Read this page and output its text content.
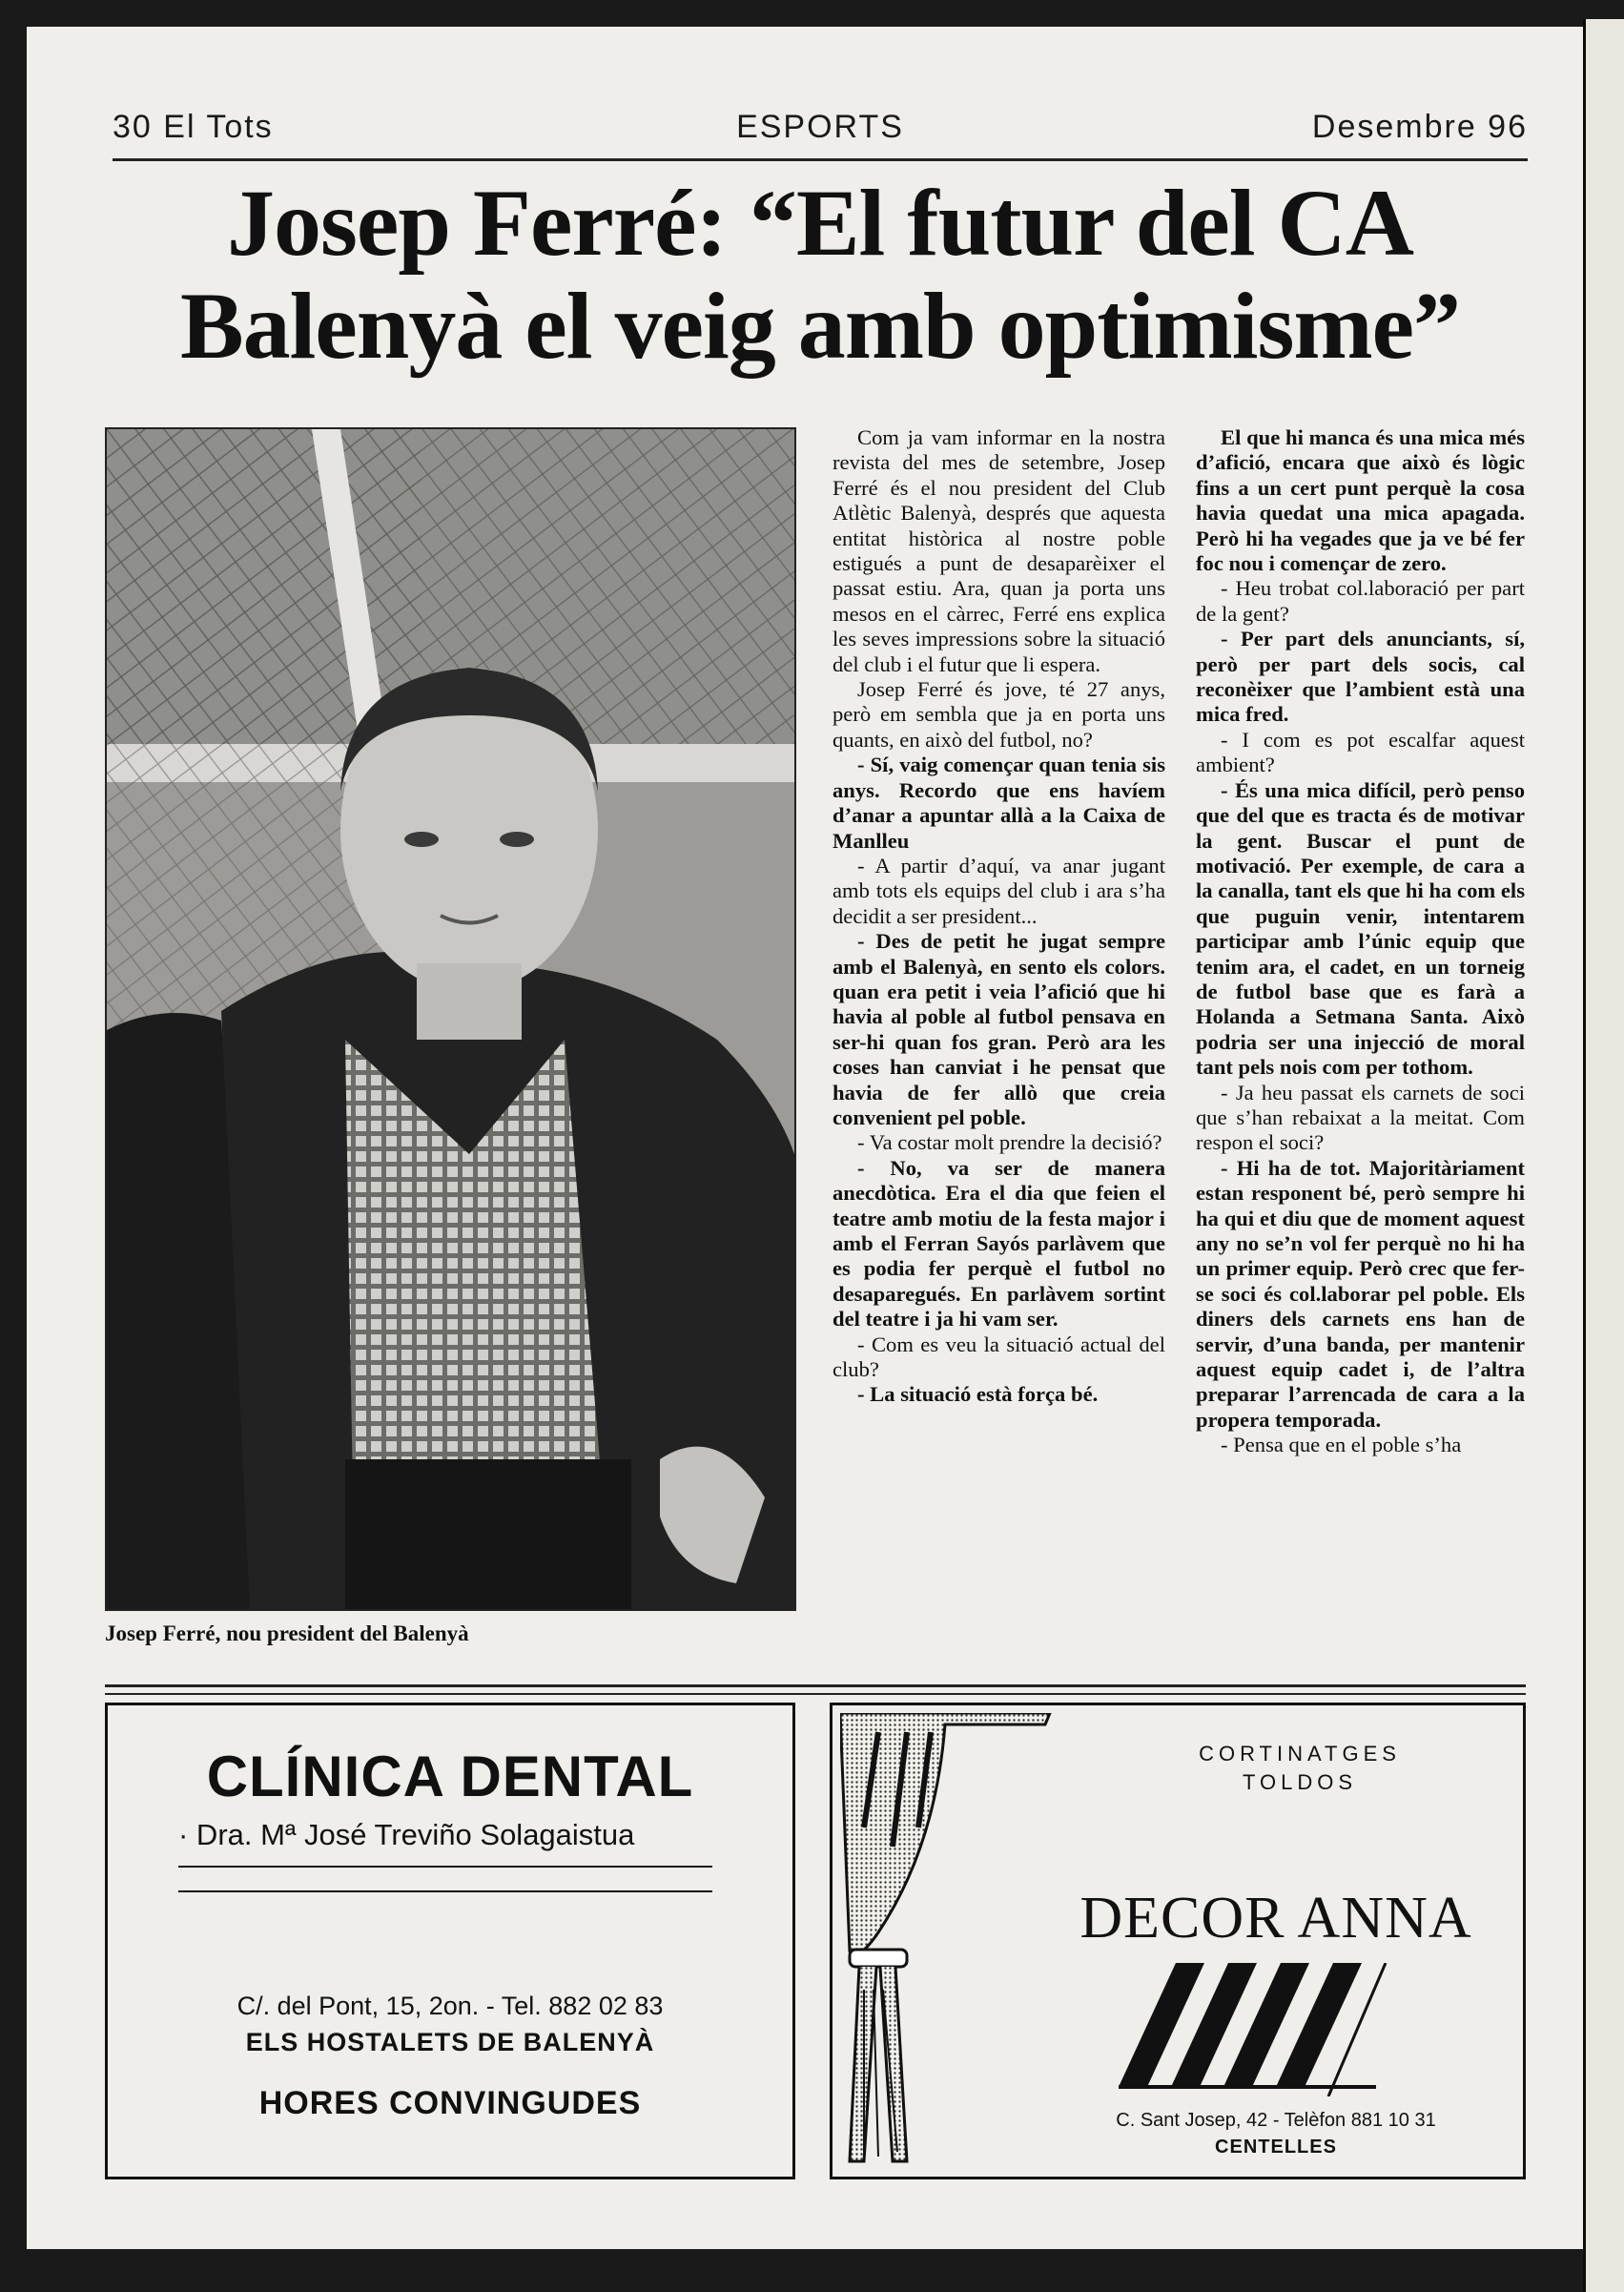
30 El Tots	ESPORTS	Desembre 96
Josep Ferré: “El futur del CA
Balenyà el veig amb optimisme”
Josep Ferré, nou president del Balenyà

Com ja vam informar en la nostra revista del mes de setembre, Josep Ferré és el nou president del Club Atlètic Balenyà, després que aquesta entitat històrica al nostre poble estigués a punt de desaparèixer el passat estiu. Ara, quan ja porta uns mesos en el càrrec, Ferré ens explica les seves impressions sobre la situació del club i el futur que li espera.

Josep Ferré és jove, té 27 anys, però em sembla que ja en porta uns quants, en això del futbol, no?

- Sí, vaig començar quan tenia sis anys. Recordo que ens havíem d’anar a apuntar allà a la Caixa de Manlleu

- A partir d’aquí, va anar jugant amb tots els equips del club i ara s’ha decidit a ser president...

- Des de petit he jugat sempre amb el Balenyà, en sento els colors. quan era petit i veia l’afició que hi havia al poble al futbol pensava en ser-hi quan fos gran. Però ara les coses han canviat i he pensat que havia de fer allò que creia convenient pel poble.

- Va costar molt prendre la decisió?

- No, va ser de manera anecdòtica. Era el dia que feien el teatre amb motiu de la festa major i amb el Ferran Sayós parlàvem que es podia fer perquè el futbol no desaparegués. En parlàvem sortint del teatre i ja hi vam ser.

- Com es veu la situació actual del club?

- La situació està força bé.

El que hi manca és una mica més d’afició, encara que això és lògic fins a un cert punt perquè la cosa havia quedat una mica apagada. Però hi ha vegades que ja ve bé fer foc nou i començar de zero.

- Heu trobat col.laboració per part de la gent?

- Per part dels anunciants, sí, però per part dels socis, cal reconèixer que l’ambient està una mica fred.

- I com es pot escalfar aquest ambient?

- És una mica difícil, però penso que del que es tracta és de motivar la gent. Buscar el punt de motivació. Per exemple, de cara a la canalla, tant els que hi ha com els que puguin venir, intentarem participar amb l’únic equip que tenim ara, el cadet, en un torneig de futbol base que es farà a Holanda a Setmana Santa. Això podria ser una injecció de moral tant pels nois com per tothom.

- Ja heu passat els carnets de soci que s’han rebaixat a la meitat. Com respon el soci?

- Hi ha de tot. Majoritàriament estan responent bé, però sempre hi ha qui et diu que de moment aquest any no se’n vol fer perquè no hi ha un primer equip. Però crec que fer-se soci és col.laborar pel poble. Els diners dels carnets ens han de servir, d’una banda, per mantenir aquest equip cadet i, de l’altra preparar l’arrencada de cara a la propera temporada.

- Pensa que en el poble s’ha

CLÍNICA DENTAL
· Dra. Mª José Treviño Solagaistua
C/. del Pont, 15, 2on. - Tel. 882 02 83
ELS HOSTALETS DE BALENYÀ
HORES CONVINGUDES
CORTINATGES
TOLDOS
DECOR ANNA
C. Sant Josep, 42 - Telèfon 881 10 31
CENTELLES
